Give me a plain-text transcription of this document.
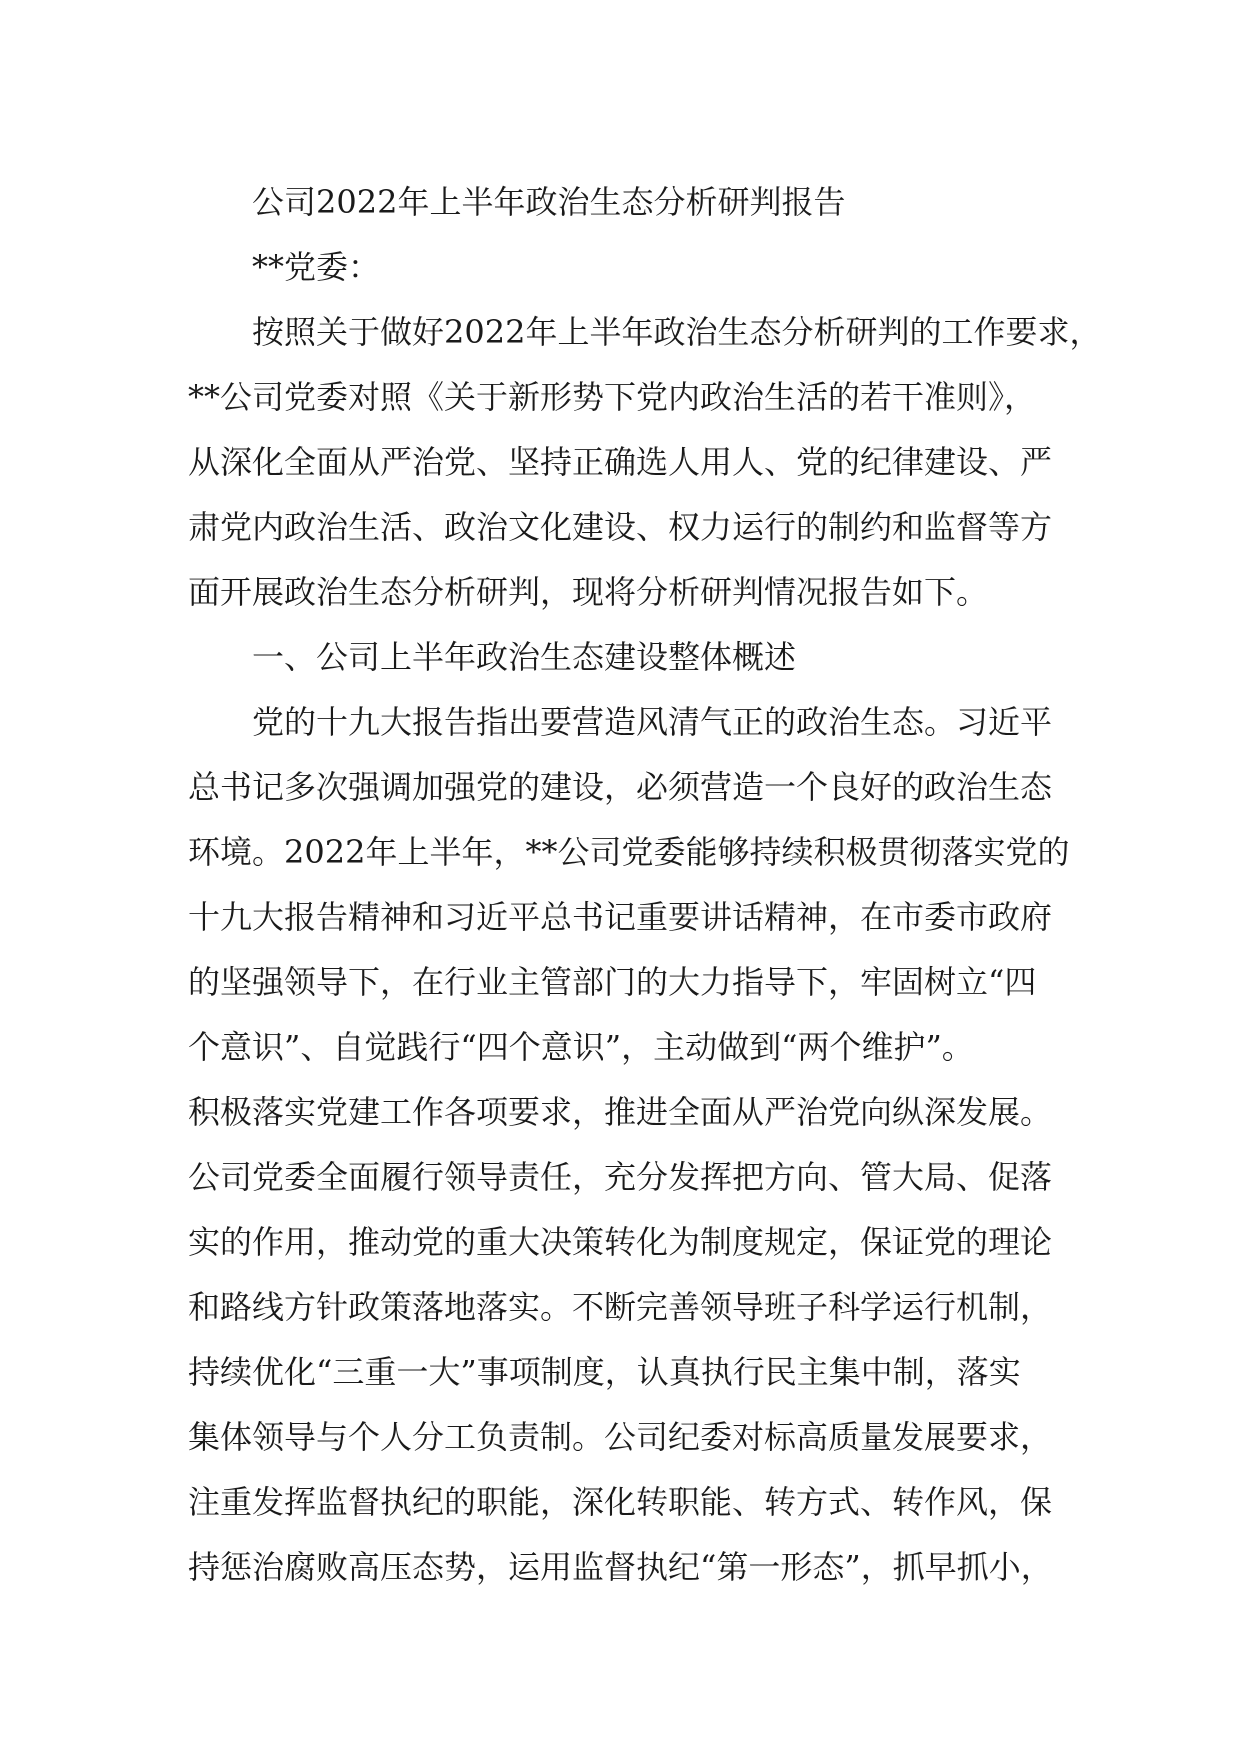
公司2022年上半年政治生态分析研判报告
**党委：
按照关于做好2022年上半年政治生态分析研判的工作要求，
**公司党委对照《关于新形势下党内政治生活的若干准则》，
从深化全面从严治党、坚持正确选人用人、党的纪律建设、严
肃党内政治生活、政治文化建设、权力运行的制约和监督等方
面开展政治生态分析研判，现将分析研判情况报告如下。
一、公司上半年政治生态建设整体概述
党的十九大报告指出要营造风清气正的政治生态。习近平
总书记多次强调加强党的建设，必须营造一个良好的政治生态
环境。2022年上半年，**公司党委能够持续积极贯彻落实党的
十九大报告精神和习近平总书记重要讲话精神，在市委市政府
的坚强领导下，在行业主管部门的大力指导下，牢固树立“四
个意识”、自觉践行“四个意识”，主动做到“两个维护”。
积极落实党建工作各项要求，推进全面从严治党向纵深发展。
公司党委全面履行领导责任，充分发挥把方向、管大局、促落
实的作用，推动党的重大决策转化为制度规定，保证党的理论
和路线方针政策落地落实。不断完善领导班子科学运行机制，
持续优化“三重一大”事项制度，认真执行民主集中制，落实
集体领导与个人分工负责制。公司纪委对标高质量发展要求，
注重发挥监督执纪的职能，深化转职能、转方式、转作风，保
持惩治腐败高压态势，运用监督执纪“第一形态”，抓早抓小，
